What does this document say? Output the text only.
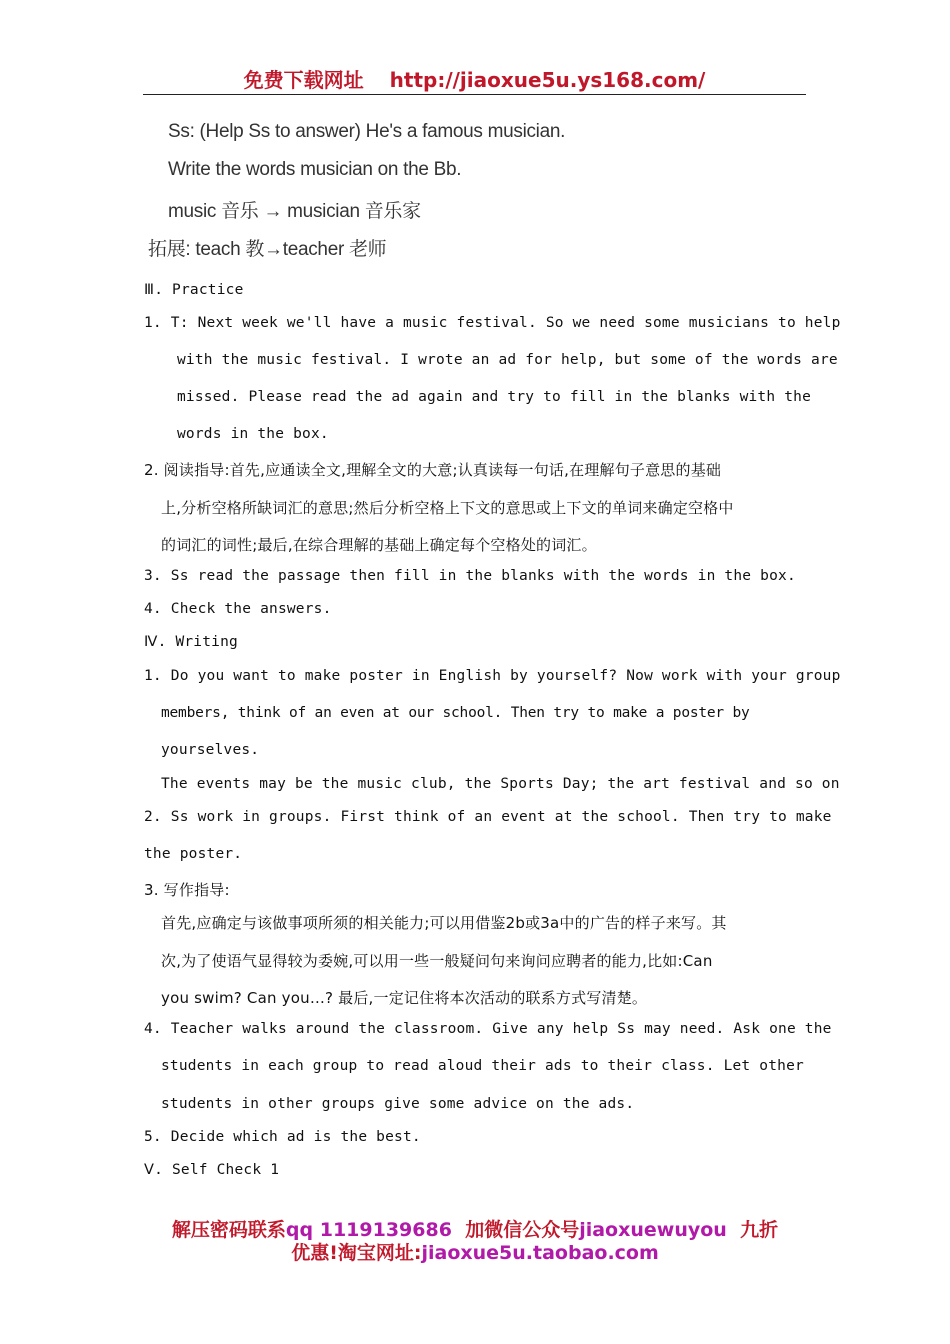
免费下载网址 http://jiaoxue5u.ys168.com/
Ss: (Help Ss to answer) He's a famous musician.
Write the words musician on the Bb.
music 音乐 → musician 音乐家
拓展: teach 教→teacher 老师
Ⅲ. Practice
1. T: Next week we'll have a music festival. So we need some musicians to help
with the music festival. I wrote an ad for help, but some of the words are
missed. Please read the ad again and try to fill in the blanks with the
words in the box.
2. 阅读指导:首先,应通读全文,理解全文的大意;认真读每一句话,在理解句子意思的基础
上,分析空格所缺词汇的意思;然后分析空格上下文的意思或上下文的单词来确定空格中
的词汇的词性;最后,在综合理解的基础上确定每个空格处的词汇。
3. Ss read the passage then fill in the blanks with the words in the box.
4. Check the answers.
Ⅳ. Writing
1. Do you want to make poster in English by yourself? Now work with your group
members, think of an even at our school. Then try to make a poster by
yourselves.
The events may be the music club, the Sports Day; the art festival and so on
2. Ss work in groups. First think of an event at the school. Then try to make
the poster.
3. 写作指导:
首先,应确定与该做事项所须的相关能力;可以用借鉴2b或3a中的广告的样子来写。其
次,为了使语气显得较为委婉,可以用一些一般疑问句来询问应聘者的能力,比如:Can
you swim? Can you…? 最后,一定记住将本次活动的联系方式写清楚。
4. Teacher walks around the classroom. Give any help Ss may need. Ask one the
students in each group to read aloud their ads to their class. Let other
students in other groups give some advice on the ads.
5. Decide which ad is the best.
Ⅴ. Self Check 1
解压密码联系qq 1119139686 加微信公众号jiaoxuewuyou 九折
优惠!淘宝网址:jiaoxue5u.taobao.com
